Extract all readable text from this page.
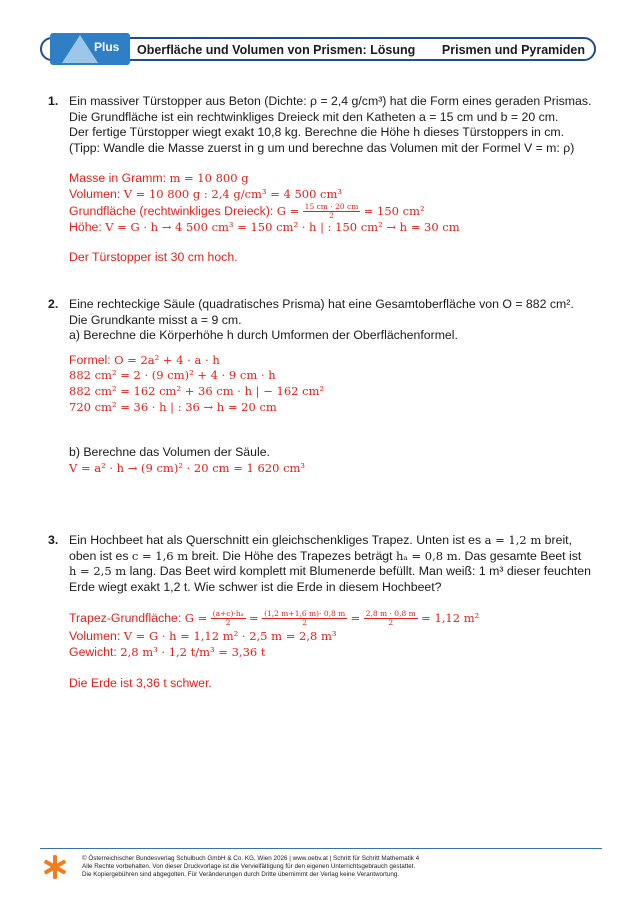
Plus Oberfläche und Volumen von Prismen: Lösung Prismen und Pyramiden
1. Ein massiver Türstopper aus Beton (Dichte: ρ = 2,4 g/cm³) hat die Form eines geraden Prismas.
Die Grundfläche ist ein rechtwinkliges Dreieck mit den Katheten a = 15 cm und b = 20 cm.
Der fertige Türstopper wiegt exakt 10,8 kg. Berechne die Höhe h dieses Türstoppers in cm.
(Tipp: Wandle die Masse zuerst in g um und berechne das Volumen mit der Formel V = m: ρ)
Masse in Gramm: m = 10 800 g
Volumen: V = 10 800 g : 2,4 g/cm³ = 4 500 cm³
Grundfläche (rechtwinkliges Dreieck): $G = \frac{15 cm \cdot 20 cm}{2} = 150$ cm²
Höhe: V = G · h → 4 500 cm³ = 150 cm² · h | : 150 cm² → h = 30 cm
Der Türstopper ist 30 cm hoch.
2. Eine rechteckige Säule (quadratisches Prisma) hat eine Gesamtoberfläche von O = 882 cm².
Die Grundkante misst a = 9 cm.
a) Berechne die Körperhöhe h durch Umformen der Oberflächenformel.
Formel: O = 2a² + 4 · a · h
882 cm² = 2 · (9 cm)² + 4 · 9 cm · h
882 cm² = 162 cm² + 36 cm · h | − 162 cm²
720 cm² = 36 · h | : 36 → h = 20 cm
b) Berechne das Volumen der Säule.
V = a² · h → (9 cm)² · 20 cm = 1 620 cm³
3. Ein Hochbeet hat als Querschnitt ein gleichschenkliges Trapez. Unten ist es a = 1,2 m breit,
oben ist es c = 1,6 m breit. Die Höhe des Trapezes beträgt hₐ = 0,8 m. Das gesamte Beet ist
h = 2,5 m lang. Das Beet wird komplett mit Blumenerde befüllt. Man weiß: 1 m³ dieser feuchten
Erde wiegt exakt 1,2 t. Wie schwer ist die Erde in diesem Hochbeet?
Trapez-Grundfläche: $G = \frac{\text{(a+c)·hₐ}}{2} = \frac{(1,2 m+1,6 m)\cdot 0,8 m}{2} = \frac{2,8 m \cdot 0,8 m}{2} = 1,12$ m²
Volumen: V = G · h = 1,12 m² · 2,5 m = 2,8 m³
Gewicht: 2,8 m³ · 1,2 t/m³ = 3,36 t
Die Erde ist 3,36 t schwer.
© Österreichischer Bundesverlag Schulbuch GmbH & Co. KG, Wien 2026 | www.oebv.at | Schritt für Schritt Mathematik 4
Alle Rechte vorbehalten. Von dieser Druckvorlage ist die Vervielfältigung für den eigenen Unterrichtsgebrauch gestattet.
Die Kopiergebühren sind abgegolten. Für Veränderungen durch Dritte übernimmt der Verlag keine Verantwortung.
